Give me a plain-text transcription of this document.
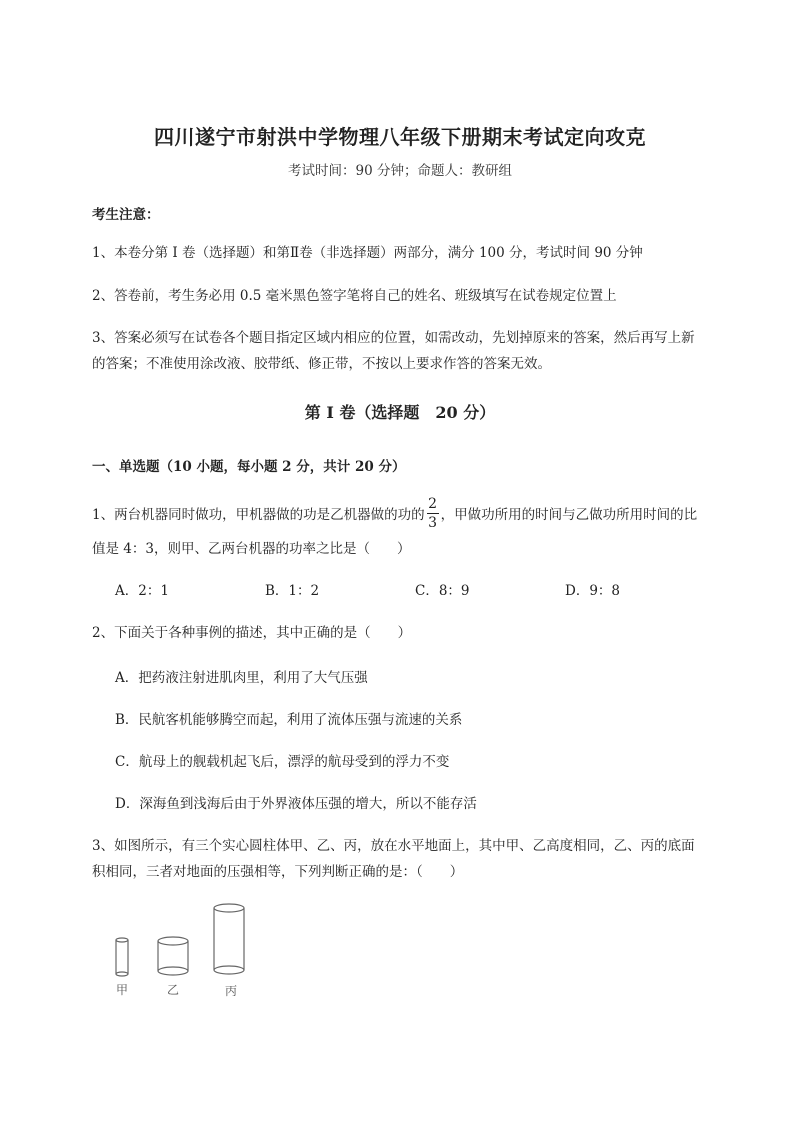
四川遂宁市射洪中学物理八年级下册期末考试定向攻克
考试时间：90 分钟；命题人：教研组
考生注意：
1、本卷分第 I 卷（选择题）和第Ⅱ卷（非选择题）两部分，满分 100 分，考试时间 90 分钟
2、答卷前，考生务必用 0.5 毫米黑色签字笔将自己的姓名、班级填写在试卷规定位置上
3、答案必须写在试卷各个题目指定区域内相应的位置，如需改动，先划掉原来的答案，然后再写上新
的答案；不准使用涂改液、胶带纸、修正带，不按以上要求作答的答案无效。
第 I 卷（选择题　20 分）
一、单选题（10 小题，每小题 2 分，共计 20 分）
1、两台机器同时做功，甲机器做的功是乙机器做的功的 $\frac{2}{3}$ ，甲做功所用的时间与乙做功所用时间的比
值是 4：3，则甲、乙两台机器的功率之比是（　　）
A．2：1	B．1：2	C．8：9	D．9：8
2、下面关于各种事例的描述，其中正确的是（　　）
A．把药液注射进肌肉里，利用了大气压强
B．民航客机能够腾空而起，利用了流体压强与流速的关系
C．航母上的舰载机起飞后，漂浮的航母受到的浮力不变
D．深海鱼到浅海后由于外界液体压强的增大，所以不能存活
3、如图所示，有三个实心圆柱体甲、乙、丙，放在水平地面上，其中甲、乙高度相同，乙、丙的底面
积相同，三者对地面的压强相等，下列判断正确的是：（　　）
甲	乙	丙
